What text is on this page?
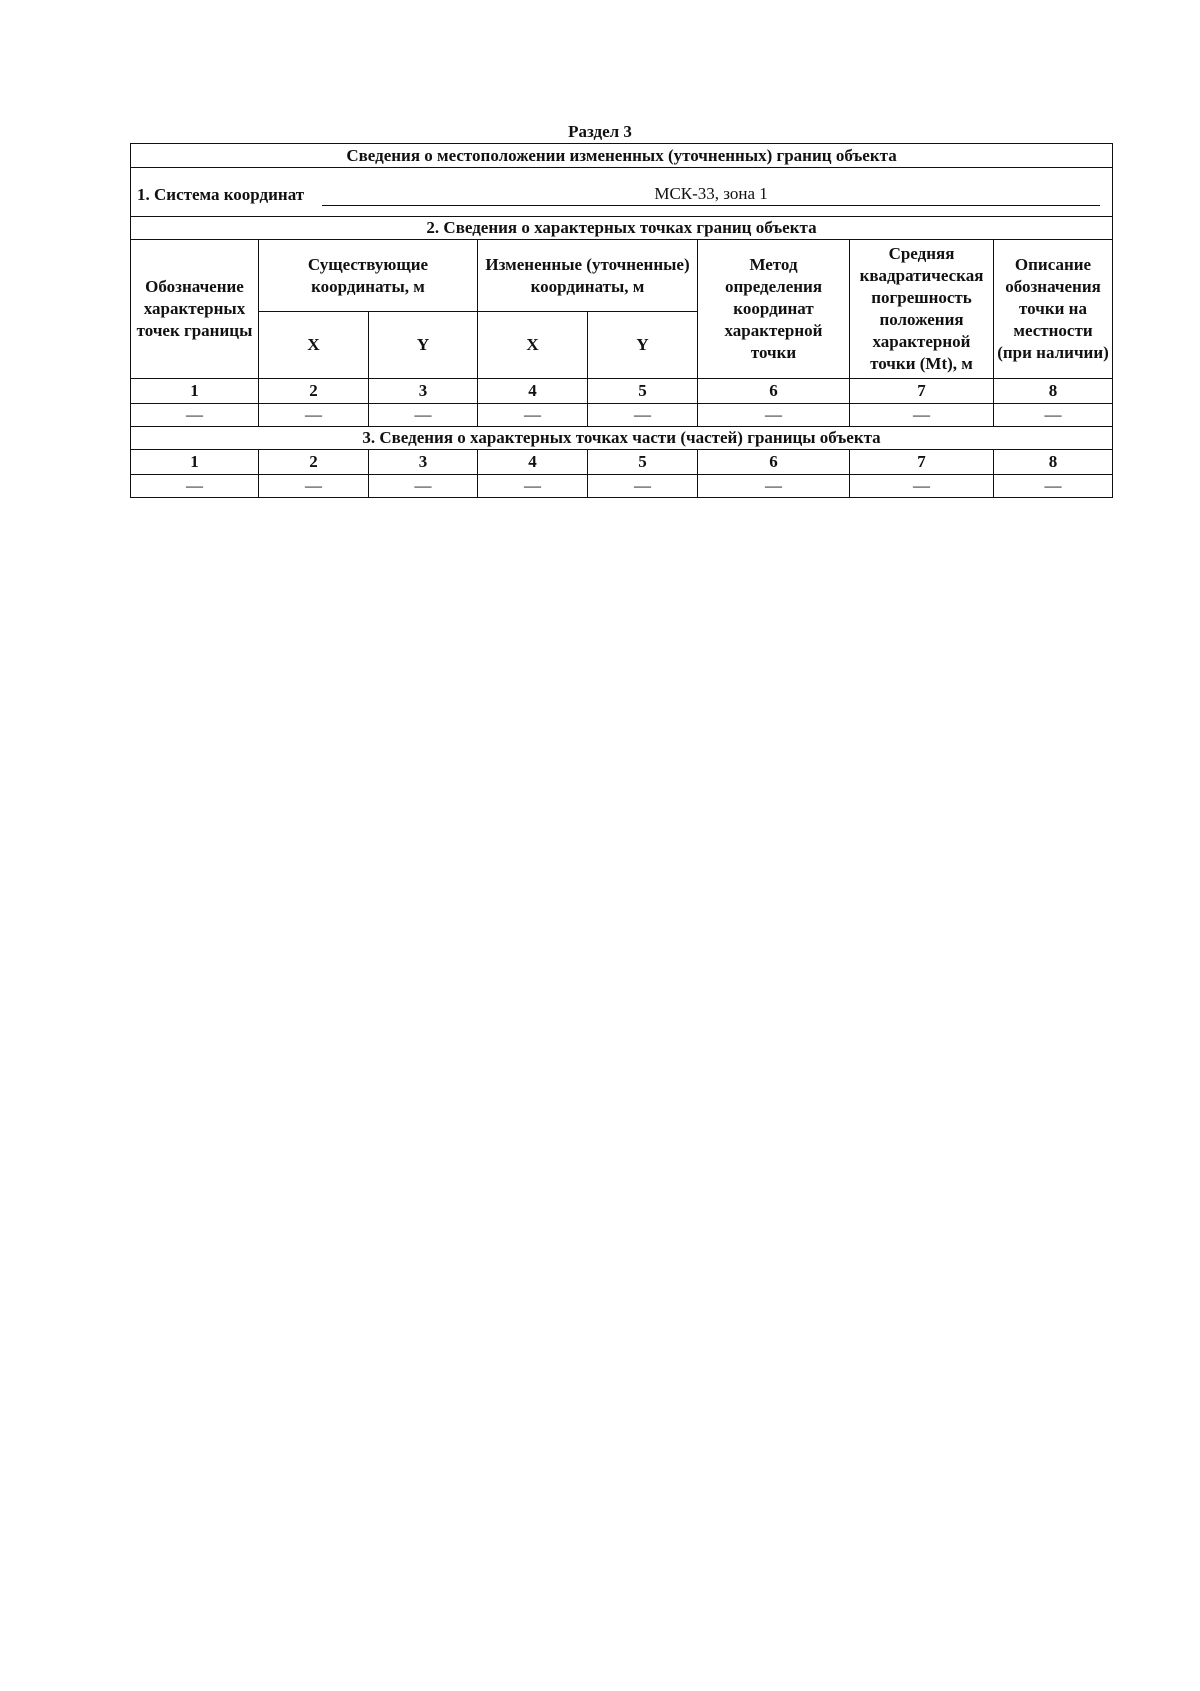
Раздел 3
Сведения о местоположении измененных (уточненных) границ объекта							

1. Система координат МСК-33, зона 1							

2. Сведения о характерных точках границ объекта							
Обозначение характерных точек границы	Существующие координаты, м		Измененные (уточненные) координаты, м		Метод определения координат характерной точки	Средняя квадратическая погрешность положения характерной точки (Mt), м	Описание обозначения точки на местности (при наличии)
	X	Y	X	Y			
1	2	3	4	5	6	7	8
—	—	—	—	—	—	—	—
3. Сведения о характерных точках части (частей) границы объекта							
1	2	3	4	5	6	7	8
—	—	—	—	—	—	—	—
